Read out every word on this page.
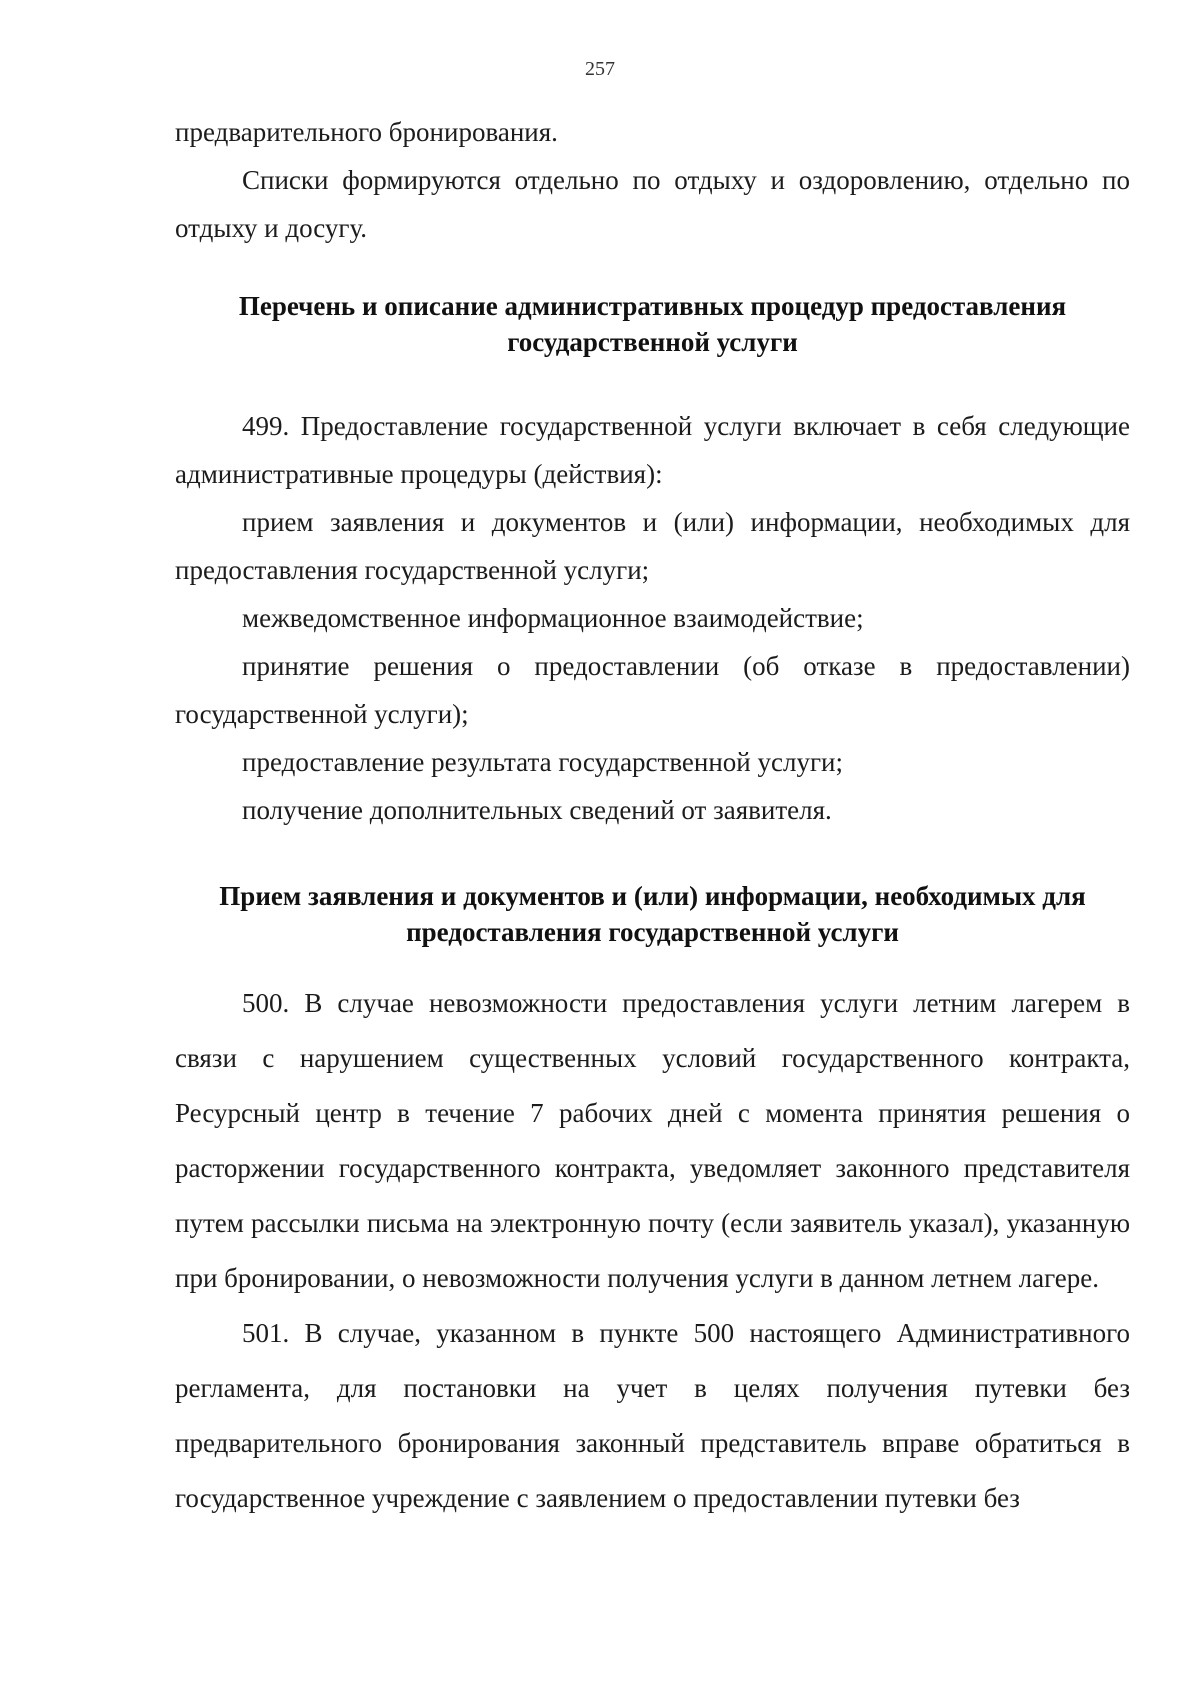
257

предварительного бронирования.

Списки формируются отдельно по отдыху и оздоровлению, отдельно по отдыху и досугу.

Перечень и описание административных процедур предоставления государственной услуги

499. Предоставление государственной услуги включает в себя следующие административные процедуры (действия):

прием заявления и документов и (или) информации, необходимых для предоставления государственной услуги;

межведомственное информационное взаимодействие;

принятие решения о предоставлении (об отказе в предоставлении) государственной услуги);

предоставление результата государственной услуги;

получение дополнительных сведений от заявителя.

Прием заявления и документов и (или) информации, необходимых для предоставления государственной услуги

500. В случае невозможности предоставления услуги летним лагерем в связи с нарушением существенных условий государственного контракта, Ресурсный центр в течение 7 рабочих дней с момента принятия решения о расторжении государственного контракта, уведомляет законного представителя путем рассылки письма на электронную почту (если заявитель указал), указанную при бронировании, о невозможности получения услуги в данном летнем лагере.

501. В случае, указанном в пункте 500 настоящего Административного регламента, для постановки на учет в целях получения путевки без предварительного бронирования законный представитель вправе обратиться в государственное учреждение с заявлением о предоставлении путевки без
